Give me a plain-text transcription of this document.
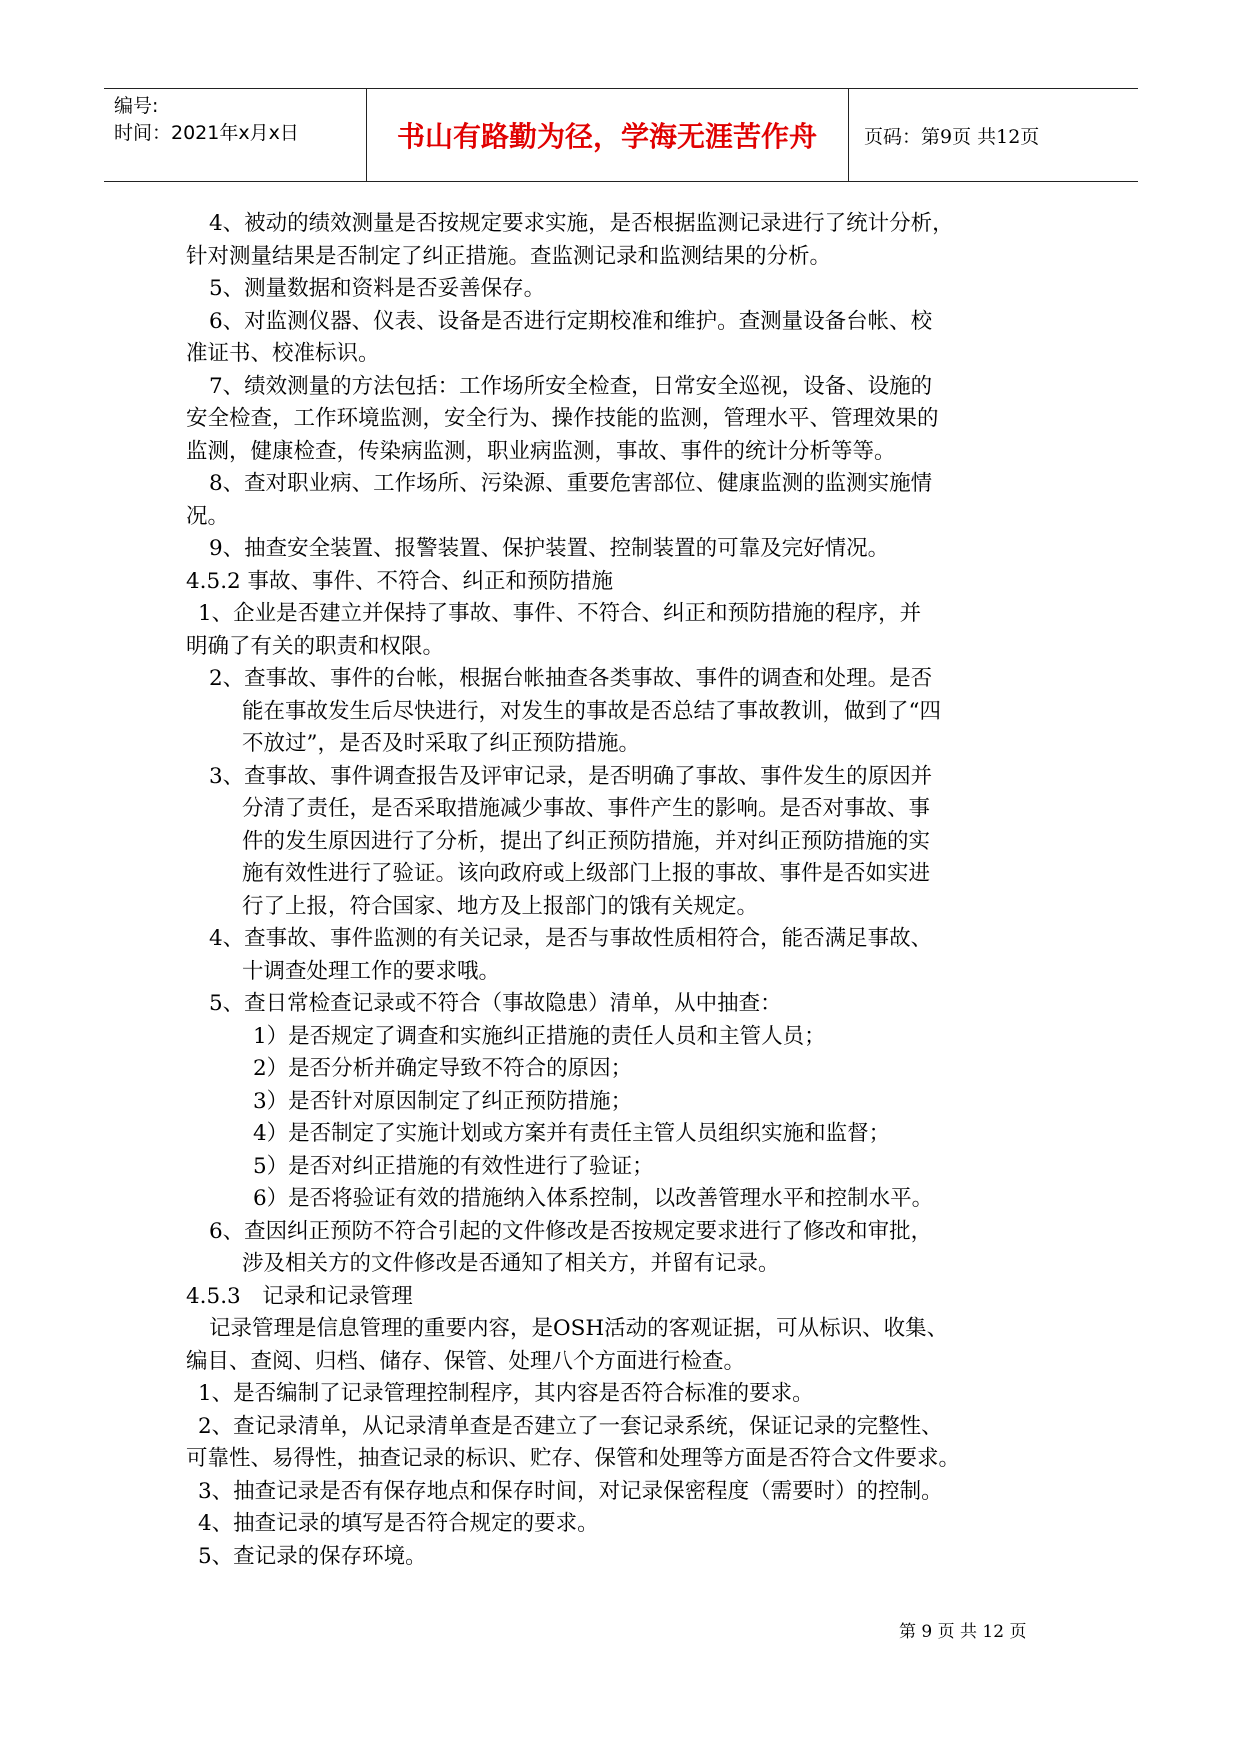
编号:
时间：2021年x月x日	书山有路勤为径，学海无涯苦作舟	页码：第9页 共12页
4、被动的绩效测量是否按规定要求实施，是否根据监测记录进行了统计分析，
针对测量结果是否制定了纠正措施。查监测记录和监测结果的分析。
5、测量数据和资料是否妥善保存。
6、对监测仪器、仪表、设备是否进行定期校准和维护。查测量设备台帐、校
准证书、校准标识。
7、绩效测量的方法包括：工作场所安全检查，日常安全巡视，设备、设施的
安全检查，工作环境监测，安全行为、操作技能的监测，管理水平、管理效果的
监测，健康检查，传染病监测，职业病监测，事故、事件的统计分析等等。
8、查对职业病、工作场所、污染源、重要危害部位、健康监测的监测实施情
况。
9、抽查安全装置、报警装置、保护装置、控制装置的可靠及完好情况。
4.5.2 事故、事件、不符合、纠正和预防措施
1、企业是否建立并保持了事故、事件、不符合、纠正和预防措施的程序，并
明确了有关的职责和权限。
2、查事故、事件的台帐，根据台帐抽查各类事故、事件的调查和处理。是否
能在事故发生后尽快进行，对发生的事故是否总结了事故教训，做到了“四
不放过”，是否及时采取了纠正预防措施。
3、查事故、事件调查报告及评审记录，是否明确了事故、事件发生的原因并
分清了责任，是否采取措施减少事故、事件产生的影响。是否对事故、事
件的发生原因进行了分析，提出了纠正预防措施，并对纠正预防措施的实
施有效性进行了验证。该向政府或上级部门上报的事故、事件是否如实进
行了上报，符合国家、地方及上报部门的饿有关规定。
4、查事故、事件监测的有关记录，是否与事故性质相符合，能否满足事故、
十调查处理工作的要求哦。
5、查日常检查记录或不符合（事故隐患）清单，从中抽查：
1）是否规定了调查和实施纠正措施的责任人员和主管人员；
2）是否分析并确定导致不符合的原因；
3）是否针对原因制定了纠正预防措施；
4）是否制定了实施计划或方案并有责任主管人员组织实施和监督；
5）是否对纠正措施的有效性进行了验证；
6）是否将验证有效的措施纳入体系控制，以改善管理水平和控制水平。
6、查因纠正预防不符合引起的文件修改是否按规定要求进行了修改和审批，
涉及相关方的文件修改是否通知了相关方，并留有记录。
4.5.3　记录和记录管理
记录管理是信息管理的重要内容，是OSH活动的客观证据，可从标识、收集、
编目、查阅、归档、储存、保管、处理八个方面进行检查。
1、是否编制了记录管理控制程序，其内容是否符合标准的要求。
2、查记录清单，从记录清单查是否建立了一套记录系统，保证记录的完整性、
可靠性、易得性，抽查记录的标识、贮存、保管和处理等方面是否符合文件要求。
3、抽查记录是否有保存地点和保存时间，对记录保密程度（需要时）的控制。
4、抽查记录的填写是否符合规定的要求。
5、查记录的保存环境。
第 9 页 共 12 页
